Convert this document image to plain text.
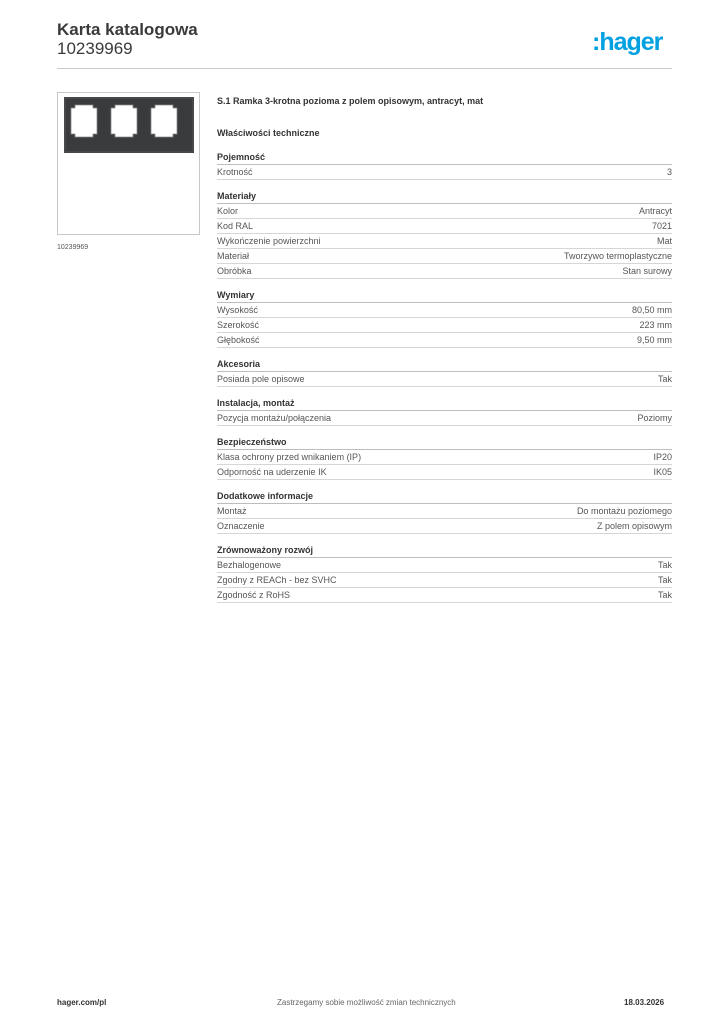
Karta katalogowa
10239969	:hager
10239969
S.1 Ramka 3-krotna pozioma z polem opisowym, antracyt, mat
Właściwości techniczne
Pojemność
Krotność	3
Materiały
Kolor	Antracyt
Kod RAL	7021
Wykończenie powierzchni	Mat
Materiał	Tworzywo termoplastyczne
Obróbka	Stan surowy
Wymiary
Wysokość	80,50 mm
Szerokość	223 mm
Głębokość	9,50 mm
Akcesoria
Posiada pole opisowe	Tak
Instalacja, montaż
Pozycja montażu/połączenia	Poziomy
Bezpieczeństwo
Klasa ochrony przed wnikaniem (IP)	IP20
Odporność na uderzenie IK	IK05
Dodatkowe informacje
Montaż	Do montażu poziomego
Oznaczenie	Z polem opisowym
Zrównoważony rozwój
Bezhalogenowe	Tak
Zgodny z REACh - bez SVHC	Tak
Zgodność z RoHS	Tak
hager.com/pl	Zastrzegamy sobie możliwość zmian technicznych	18.03.2026
